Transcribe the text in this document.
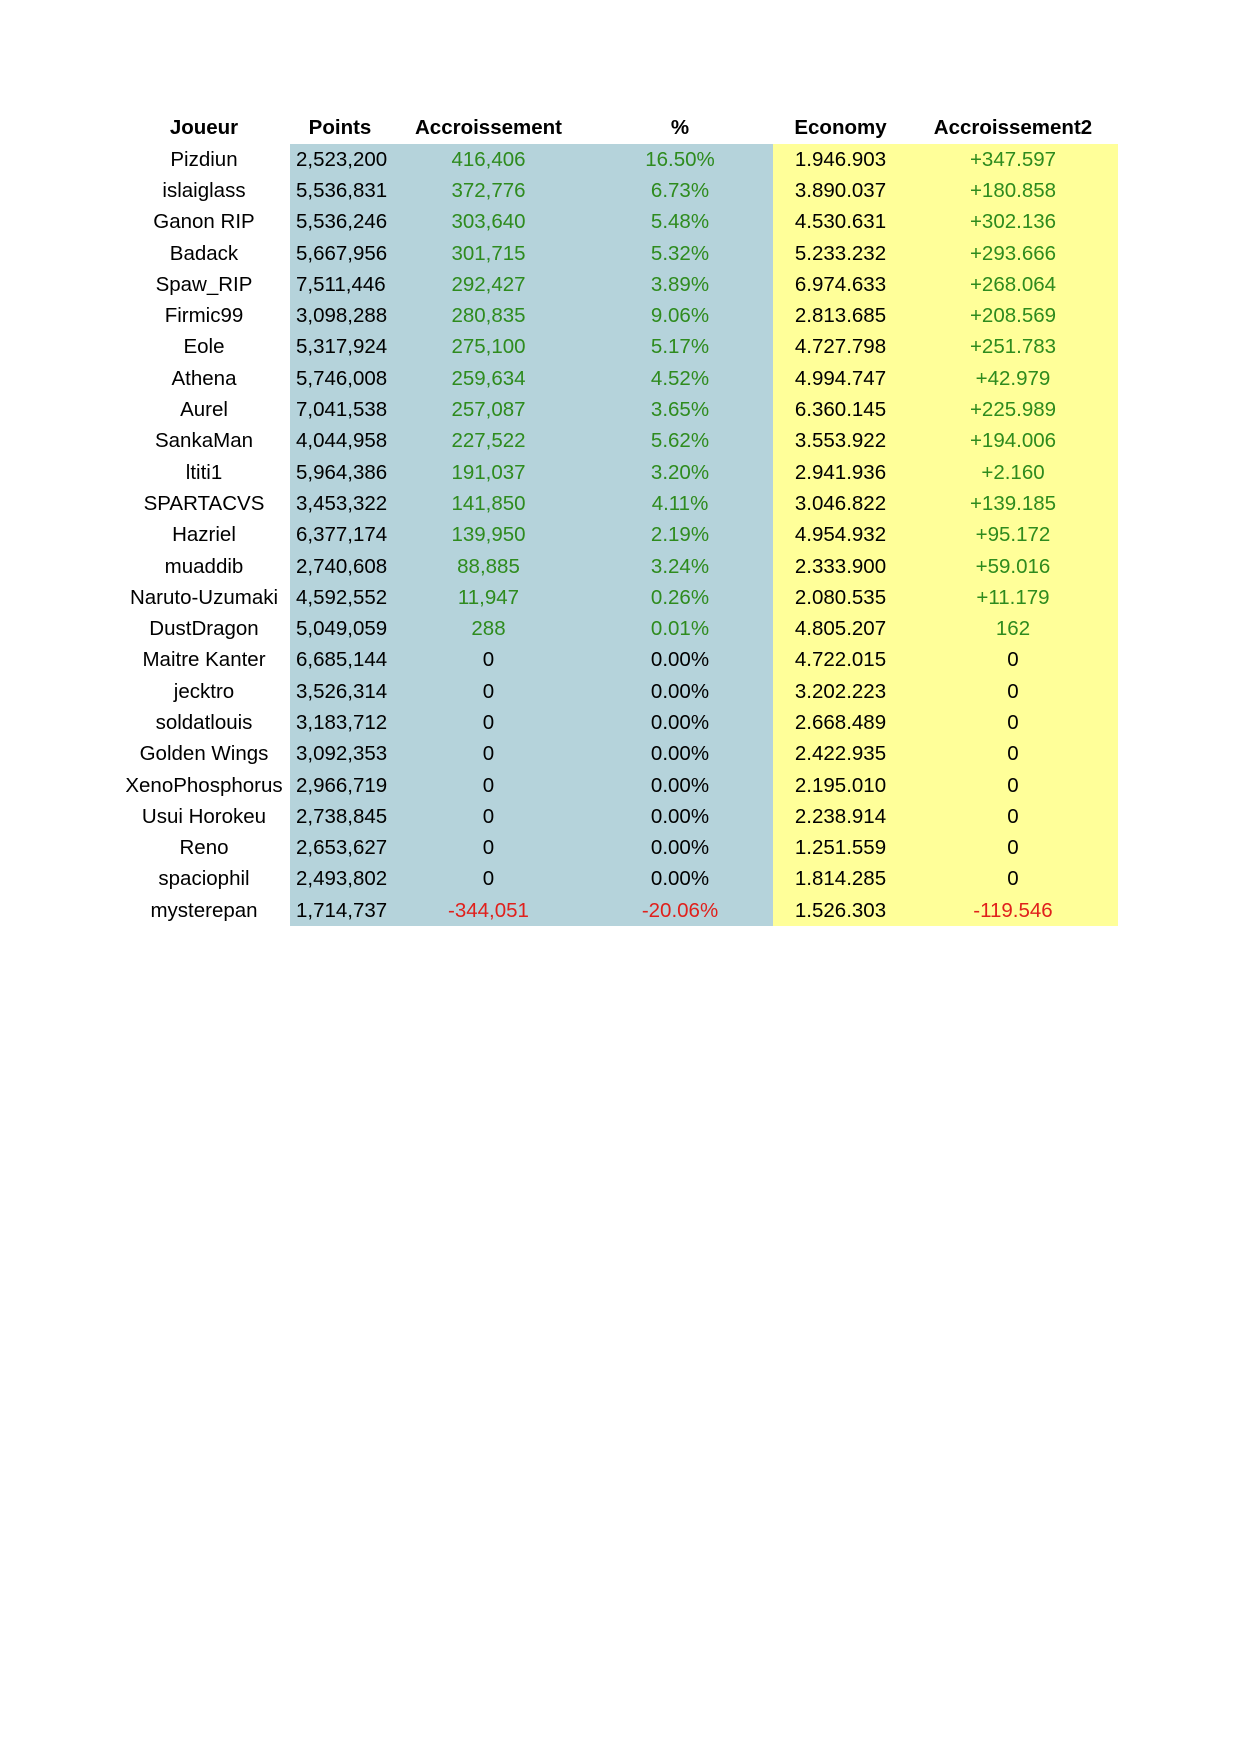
Joueur	Points	Accroissement	%	Economy	Accroissement2
Pizdiun	2,523,200	416,406	16.50%	1.946.903	+347.597
islaiglass	5,536,831	372,776	6.73%	3.890.037	+180.858
Ganon RIP	5,536,246	303,640	5.48%	4.530.631	+302.136
Badack	5,667,956	301,715	5.32%	5.233.232	+293.666
Spaw_RIP	7,511,446	292,427	3.89%	6.974.633	+268.064
Firmic99	3,098,288	280,835	9.06%	2.813.685	+208.569
Eole	5,317,924	275,100	5.17%	4.727.798	+251.783
Athena	5,746,008	259,634	4.52%	4.994.747	+42.979
Aurel	7,041,538	257,087	3.65%	6.360.145	+225.989
SankaMan	4,044,958	227,522	5.62%	3.553.922	+194.006
ltiti1	5,964,386	191,037	3.20%	2.941.936	+2.160
SPARTACVS	3,453,322	141,850	4.11%	3.046.822	+139.185
Hazriel	6,377,174	139,950	2.19%	4.954.932	+95.172
muaddib	2,740,608	88,885	3.24%	2.333.900	+59.016
Naruto-Uzumaki	4,592,552	11,947	0.26%	2.080.535	+11.179
DustDragon	5,049,059	288	0.01%	4.805.207	162
Maitre Kanter	6,685,144	0	0.00%	4.722.015	0
jecktro	3,526,314	0	0.00%	3.202.223	0
soldatlouis	3,183,712	0	0.00%	2.668.489	0
Golden Wings	3,092,353	0	0.00%	2.422.935	0
XenoPhosphorus	2,966,719	0	0.00%	2.195.010	0
Usui Horokeu	2,738,845	0	0.00%	2.238.914	0
Reno	2,653,627	0	0.00%	1.251.559	0
spaciophil	2,493,802	0	0.00%	1.814.285	0
mysterepan	1,714,737	-344,051	-20.06%	1.526.303	-119.546
